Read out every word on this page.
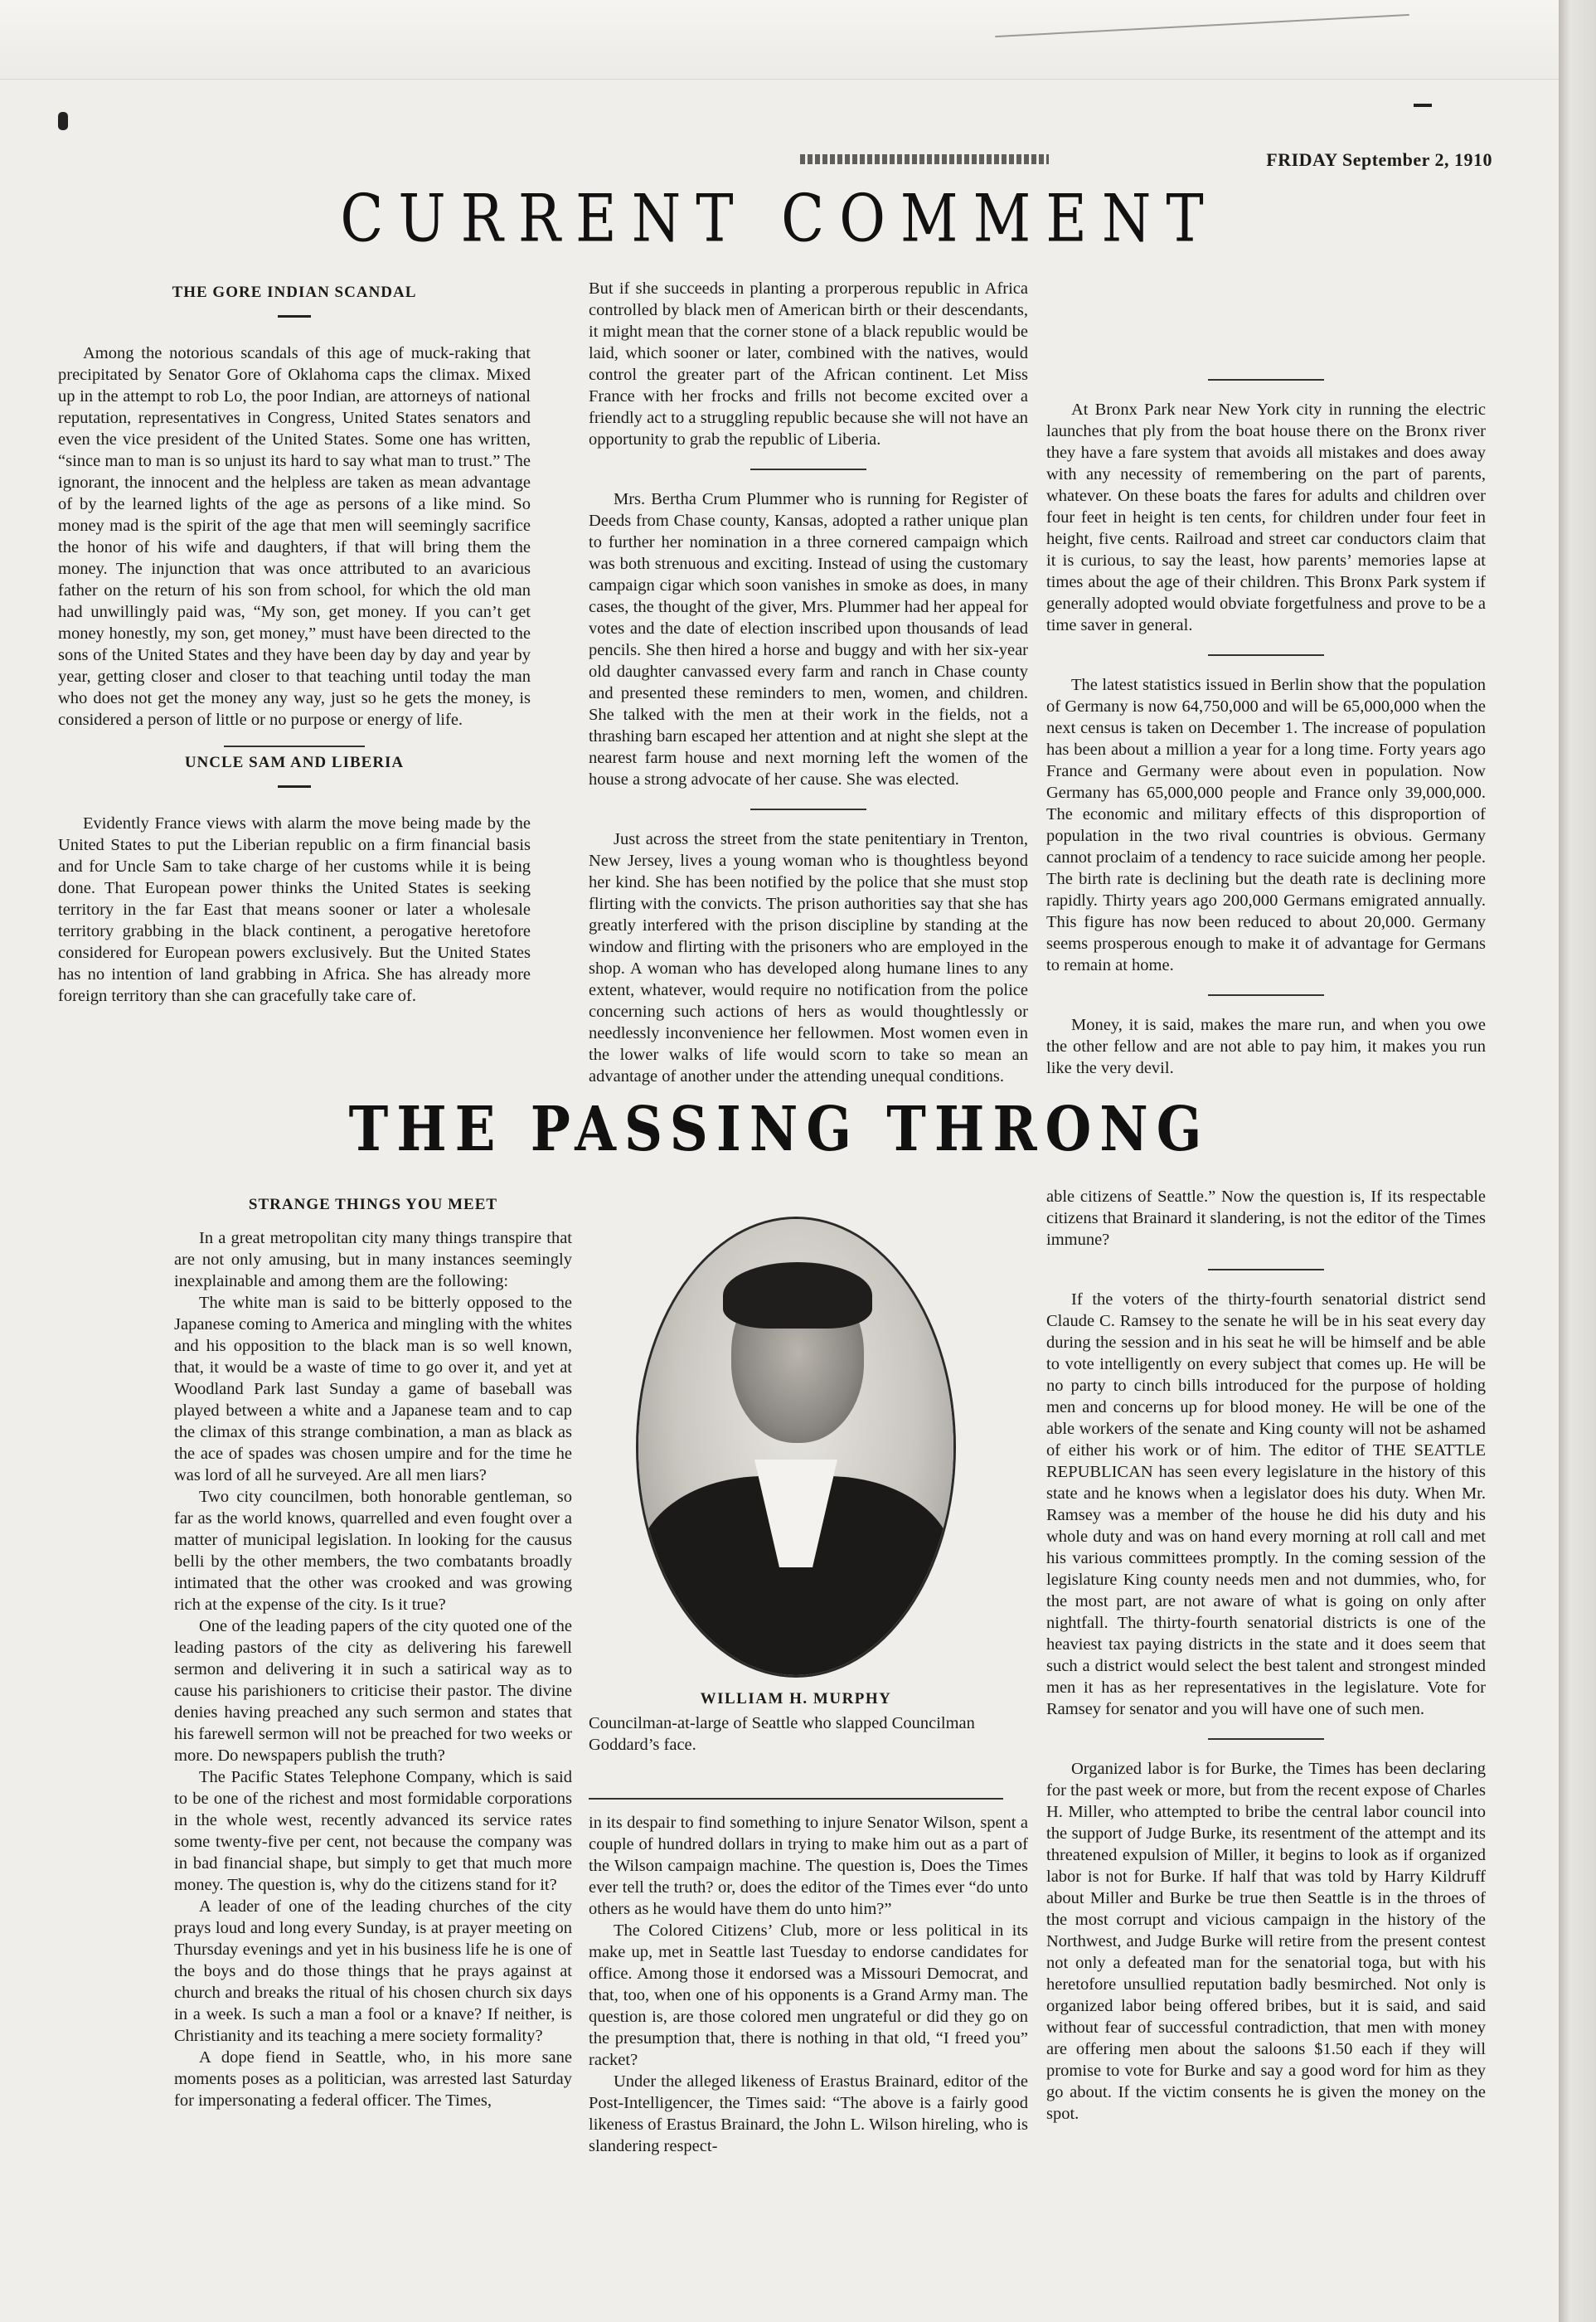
FRIDAY September 2, 1910
CURRENT COMMENT
THE GORE INDIAN SCANDAL

Among the notorious scandals of this age of muck-raking that precipitated by Senator Gore of Oklahoma caps the climax. Mixed up in the attempt to rob Lo, the poor Indian, are attorneys of national reputation, representatives in Congress, United States senators and even the vice president of the United States. Some one has written, “since man to man is so unjust its hard to say what man to trust.” The ignorant, the innocent and the helpless are taken as mean advantage of by the learned lights of the age as persons of a like mind. So money mad is the spirit of the age that men will seemingly sacrifice the honor of his wife and daughters, if that will bring them the money. The injunction that was once attributed to an avaricious father on the return of his son from school, for which the old man had unwillingly paid was, “My son, get money. If you can’t get money honestly, my son, get money,” must have been directed to the sons of the United States and they have been day by day and year by year, getting closer and closer to that teaching until today the man who does not get the money any way, just so he gets the money, is considered a person of little or no purpose or energy of life.

UNCLE SAM AND LIBERIA

Evidently France views with alarm the move being made by the United States to put the Liberian republic on a firm financial basis and for Uncle Sam to take charge of her customs while it is being done. That European power thinks the United States is seeking territory in the far East that means sooner or later a wholesale territory grabbing in the black continent, a perogative heretofore considered for European powers exclusively. But the United States has no intention of land grabbing in Africa. She has already more foreign territory than she can gracefully take care of.

But if she succeeds in planting a prorperous republic in Africa controlled by black men of American birth or their descendants, it might mean that the corner stone of a black republic would be laid, which sooner or later, combined with the natives, would control the greater part of the African continent. Let Miss France with her frocks and frills not become excited over a friendly act to a struggling republic because she will not have an opportunity to grab the republic of Liberia.

Mrs. Bertha Crum Plummer who is running for Register of Deeds from Chase county, Kansas, adopted a rather unique plan to further her nomination in a three cornered campaign which was both strenuous and exciting. Instead of using the customary campaign cigar which soon vanishes in smoke as does, in many cases, the thought of the giver, Mrs. Plummer had her appeal for votes and the date of election inscribed upon thousands of lead pencils. She then hired a horse and buggy and with her six-year old daughter canvassed every farm and ranch in Chase county and presented these reminders to men, women, and children. She talked with the men at their work in the fields, not a thrashing barn escaped her attention and at night she slept at the nearest farm house and next morning left the women of the house a strong advocate of her cause. She was elected.

Just across the street from the state penitentiary in Trenton, New Jersey, lives a young woman who is thoughtless beyond her kind. She has been notified by the police that she must stop flirting with the convicts. The prison authorities say that she has greatly interfered with the prison discipline by standing at the window and flirting with the prisoners who are employed in the shop. A woman who has developed along humane lines to any extent, whatever, would require no notification from the police concerning such actions of hers as would thoughtlessly or needlessly inconvenience her fellowmen. Most women even in the lower walks of life would scorn to take so mean an advantage of another under the attending unequal conditions.

At Bronx Park near New York city in running the electric launches that ply from the boat house there on the Bronx river they have a fare system that avoids all mistakes and does away with any necessity of remembering on the part of parents, whatever. On these boats the fares for adults and children over four feet in height is ten cents, for children under four feet in height, five cents. Railroad and street car conductors claim that it is curious, to say the least, how parents’ memories lapse at times about the age of their children. This Bronx Park system if generally adopted would obviate forgetfulness and prove to be a time saver in general.

The latest statistics issued in Berlin show that the population of Germany is now 64,750,000 and will be 65,000,000 when the next census is taken on December 1. The increase of population has been about a million a year for a long time. Forty years ago France and Germany were about even in population. Now Germany has 65,000,000 people and France only 39,000,000. The economic and military effects of this disproportion of population in the two rival countries is obvious. Germany cannot proclaim of a tendency to race suicide among her people. The birth rate is declining but the death rate is declining more rapidly. Thirty years ago 200,000 Germans emigrated annually. This figure has now been reduced to about 20,000. Germany seems prosperous enough to make it of advantage for Germans to remain at home.

Money, it is said, makes the mare run, and when you owe the other fellow and are not able to pay him, it makes you run like the very devil.

THE PASSING THRONG
STRANGE THINGS YOU MEET

In a great metropolitan city many things transpire that are not only amusing, but in many instances seemingly inexplainable and among them are the following:

The white man is said to be bitterly opposed to the Japanese coming to America and mingling with the whites and his opposition to the black man is so well known, that, it would be a waste of time to go over it, and yet at Woodland Park last Sunday a game of baseball was played between a white and a Japanese team and to cap the climax of this strange combination, a man as black as the ace of spades was chosen umpire and for the time he was lord of all he surveyed. Are all men liars?

Two city councilmen, both honorable gentleman, so far as the world knows, quarrelled and even fought over a matter of municipal legislation. In looking for the causus belli by the other members, the two combatants broadly intimated that the other was crooked and was growing rich at the expense of the city. Is it true?

One of the leading papers of the city quoted one of the leading pastors of the city as delivering his farewell sermon and delivering it in such a satirical way as to cause his parishioners to criticise their pastor. The divine denies having preached any such sermon and states that his farewell sermon will not be preached for two weeks or more. Do newspapers publish the truth?

The Pacific States Telephone Company, which is said to be one of the richest and most formidable corporations in the whole west, recently advanced its service rates some twenty-five per cent, not because the company was in bad financial shape, but simply to get that much more money. The question is, why do the citizens stand for it?

A leader of one of the leading churches of the city prays loud and long every Sunday, is at prayer meeting on Thursday evenings and yet in his business life he is one of the boys and do those things that he prays against at church and breaks the ritual of his chosen church six days in a week. Is such a man a fool or a knave? If neither, is Christianity and its teaching a mere society formality?

A dope fiend in Seattle, who, in his more sane moments poses as a politician, was arrested last Saturday for impersonating a federal officer. The Times,

WILLIAM H. MURPHY
Councilman-at-large of Seattle who slapped Councilman Goddard’s face.

in its despair to find something to injure Senator Wilson, spent a couple of hundred dollars in trying to make him out as a part of the Wilson campaign machine. The question is, Does the Times ever tell the truth? or, does the editor of the Times ever “do unto others as he would have them do unto him?”

The Colored Citizens’ Club, more or less political in its make up, met in Seattle last Tuesday to endorse candidates for office. Among those it endorsed was a Missouri Democrat, and that, too, when one of his opponents is a Grand Army man. The question is, are those colored men ungrateful or did they go on the presumption that, there is nothing in that old, “I freed you” racket?

Under the alleged likeness of Erastus Brainard, editor of the Post-Intelligencer, the Times said: “The above is a fairly good likeness of Erastus Brainard, the John L. Wilson hireling, who is slandering respect-

able citizens of Seattle.” Now the question is, If its respectable citizens that Brainard it slandering, is not the editor of the Times immune?

If the voters of the thirty-fourth senatorial district send Claude C. Ramsey to the senate he will be in his seat every day during the session and in his seat he will be himself and be able to vote intelligently on every subject that comes up. He will be no party to cinch bills introduced for the purpose of holding men and concerns up for blood money. He will be one of the able workers of the senate and King county will not be ashamed of either his work or of him. The editor of THE SEATTLE REPUBLICAN has seen every legislature in the history of this state and he knows when a legislator does his duty. When Mr. Ramsey was a member of the house he did his duty and his whole duty and was on hand every morning at roll call and met his various committees promptly. In the coming session of the legislature King county needs men and not dummies, who, for the most part, are not aware of what is going on only after nightfall. The thirty-fourth senatorial districts is one of the heaviest tax paying districts in the state and it does seem that such a district would select the best talent and strongest minded men it has as her representatives in the legislature. Vote for Ramsey for senator and you will have one of such men.

Organized labor is for Burke, the Times has been declaring for the past week or more, but from the recent expose of Charles H. Miller, who attempted to bribe the central labor council into the support of Judge Burke, its resentment of the attempt and its threatened expulsion of Miller, it begins to look as if organized labor is not for Burke. If half that was told by Harry Kildruff about Miller and Burke be true then Seattle is in the throes of the most corrupt and vicious campaign in the history of the Northwest, and Judge Burke will retire from the present contest not only a defeated man for the senatorial toga, but with his heretofore unsullied reputation badly besmirched. Not only is organized labor being offered bribes, but it is said, and said without fear of successful contradiction, that men with money are offering men about the saloons $1.50 each if they will promise to vote for Burke and say a good word for him as they go about. If the victim consents he is given the money on the spot.
